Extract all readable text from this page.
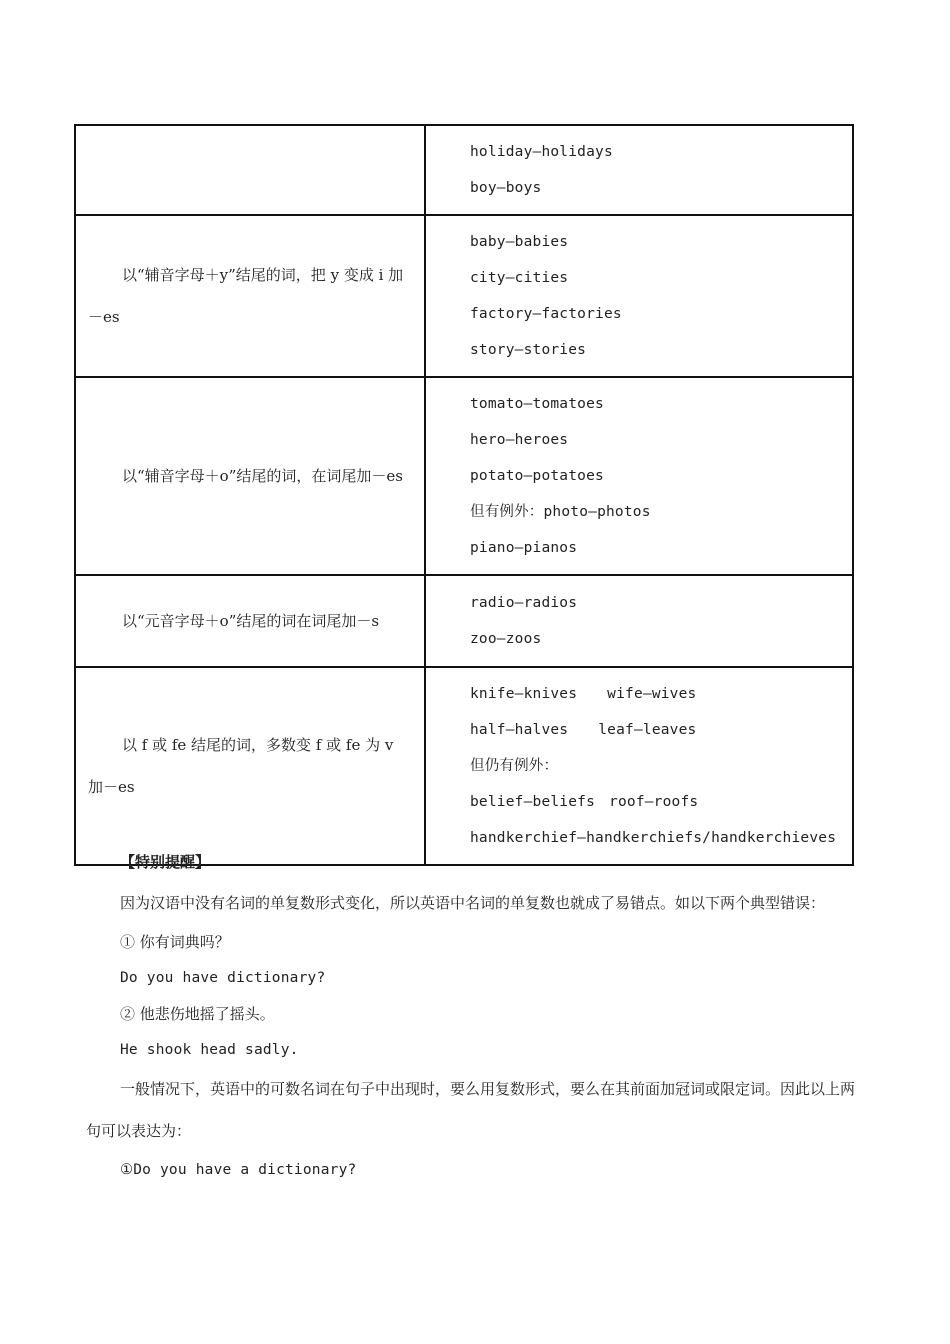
	holiday—holidays
boy—boys

以“辅音字母＋y”结尾的词，把 y 变成 i 加－es	baby—babies
city—cities
factory—factories
story—stories

以“辅音字母＋o”结尾的词，在词尾加－es	tomato—tomatoes
hero—heroes
potato—potatoes
但有例外：photo—photos
piano—pianos

以“元音字母＋o”结尾的词在词尾加－s	radio—radios
zoo—zoos

以 f 或 fe 结尾的词，多数变 f 或 fe 为 v 加－es	knife—knives wife—wives
half—halves leaf—leaves
但仍有例外：
belief—beliefs roof—roofs
handkerchief—handkerchiefs/handkerchieves
【特别提醒】

因为汉语中没有名词的单复数形式变化，所以英语中名词的单复数也就成了易错点。如以下两个典型错误：

① 你有词典吗？
Do you have dictionary?
② 他悲伤地摇了摇头。
He shook head sadly.

一般情况下，英语中的可数名词在句子中出现时，要么用复数形式，要么在其前面加冠词或限定词。因此以上两句可以表达为：

①Do you have a dictionary?
